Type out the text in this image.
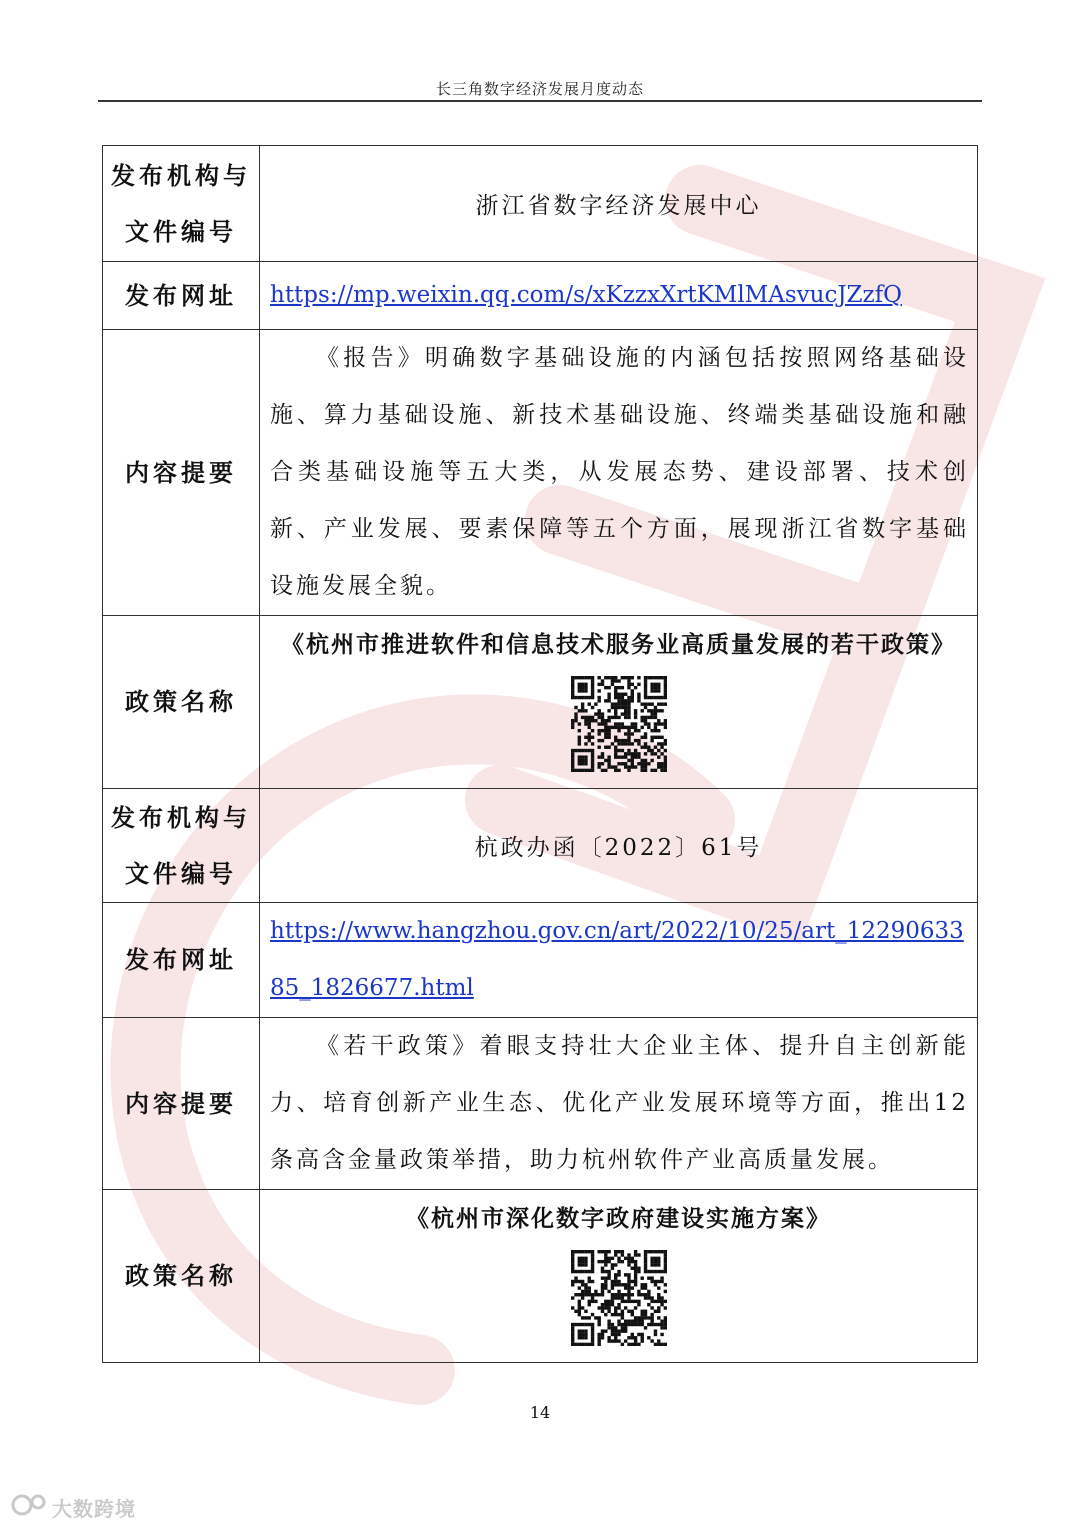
长三角数字经济发展月度动态
发布机构与
文件编号	浙江省数字经济发展中心
发布网址	https://mp.weixin.qq.com/s/xKzzxXrtKMlMAsvucJZzfQ

内容提要	《报告》明确数字基础设施的内涵包括按照网络基础设施、算力基础设施、新技术基础设施、终端类基础设施和融合类基础设施等五大类，从发展态势、建设部署、技术创新、产业发展、要素保障等五个方面，展现浙江省数字基础设施发展全貌。

政策名称	《杭州市推进软件和信息技术服务业高质量发展的若干政策》

发布机构与
文件编号	杭政办函〔2022〕61号
发布网址	https://www.hangzhou.gov.cn/art/2022/10/25/art_1229063385_1826677.html

内容提要	《若干政策》着眼支持壮大企业主体、提升自主创新能力、培育创新产业生态、优化产业发展环境等方面，推出12条高含金量政策举措，助力杭州软件产业高质量发展。

政策名称	《杭州市深化数字政府建设实施方案》
14
大数跨境
